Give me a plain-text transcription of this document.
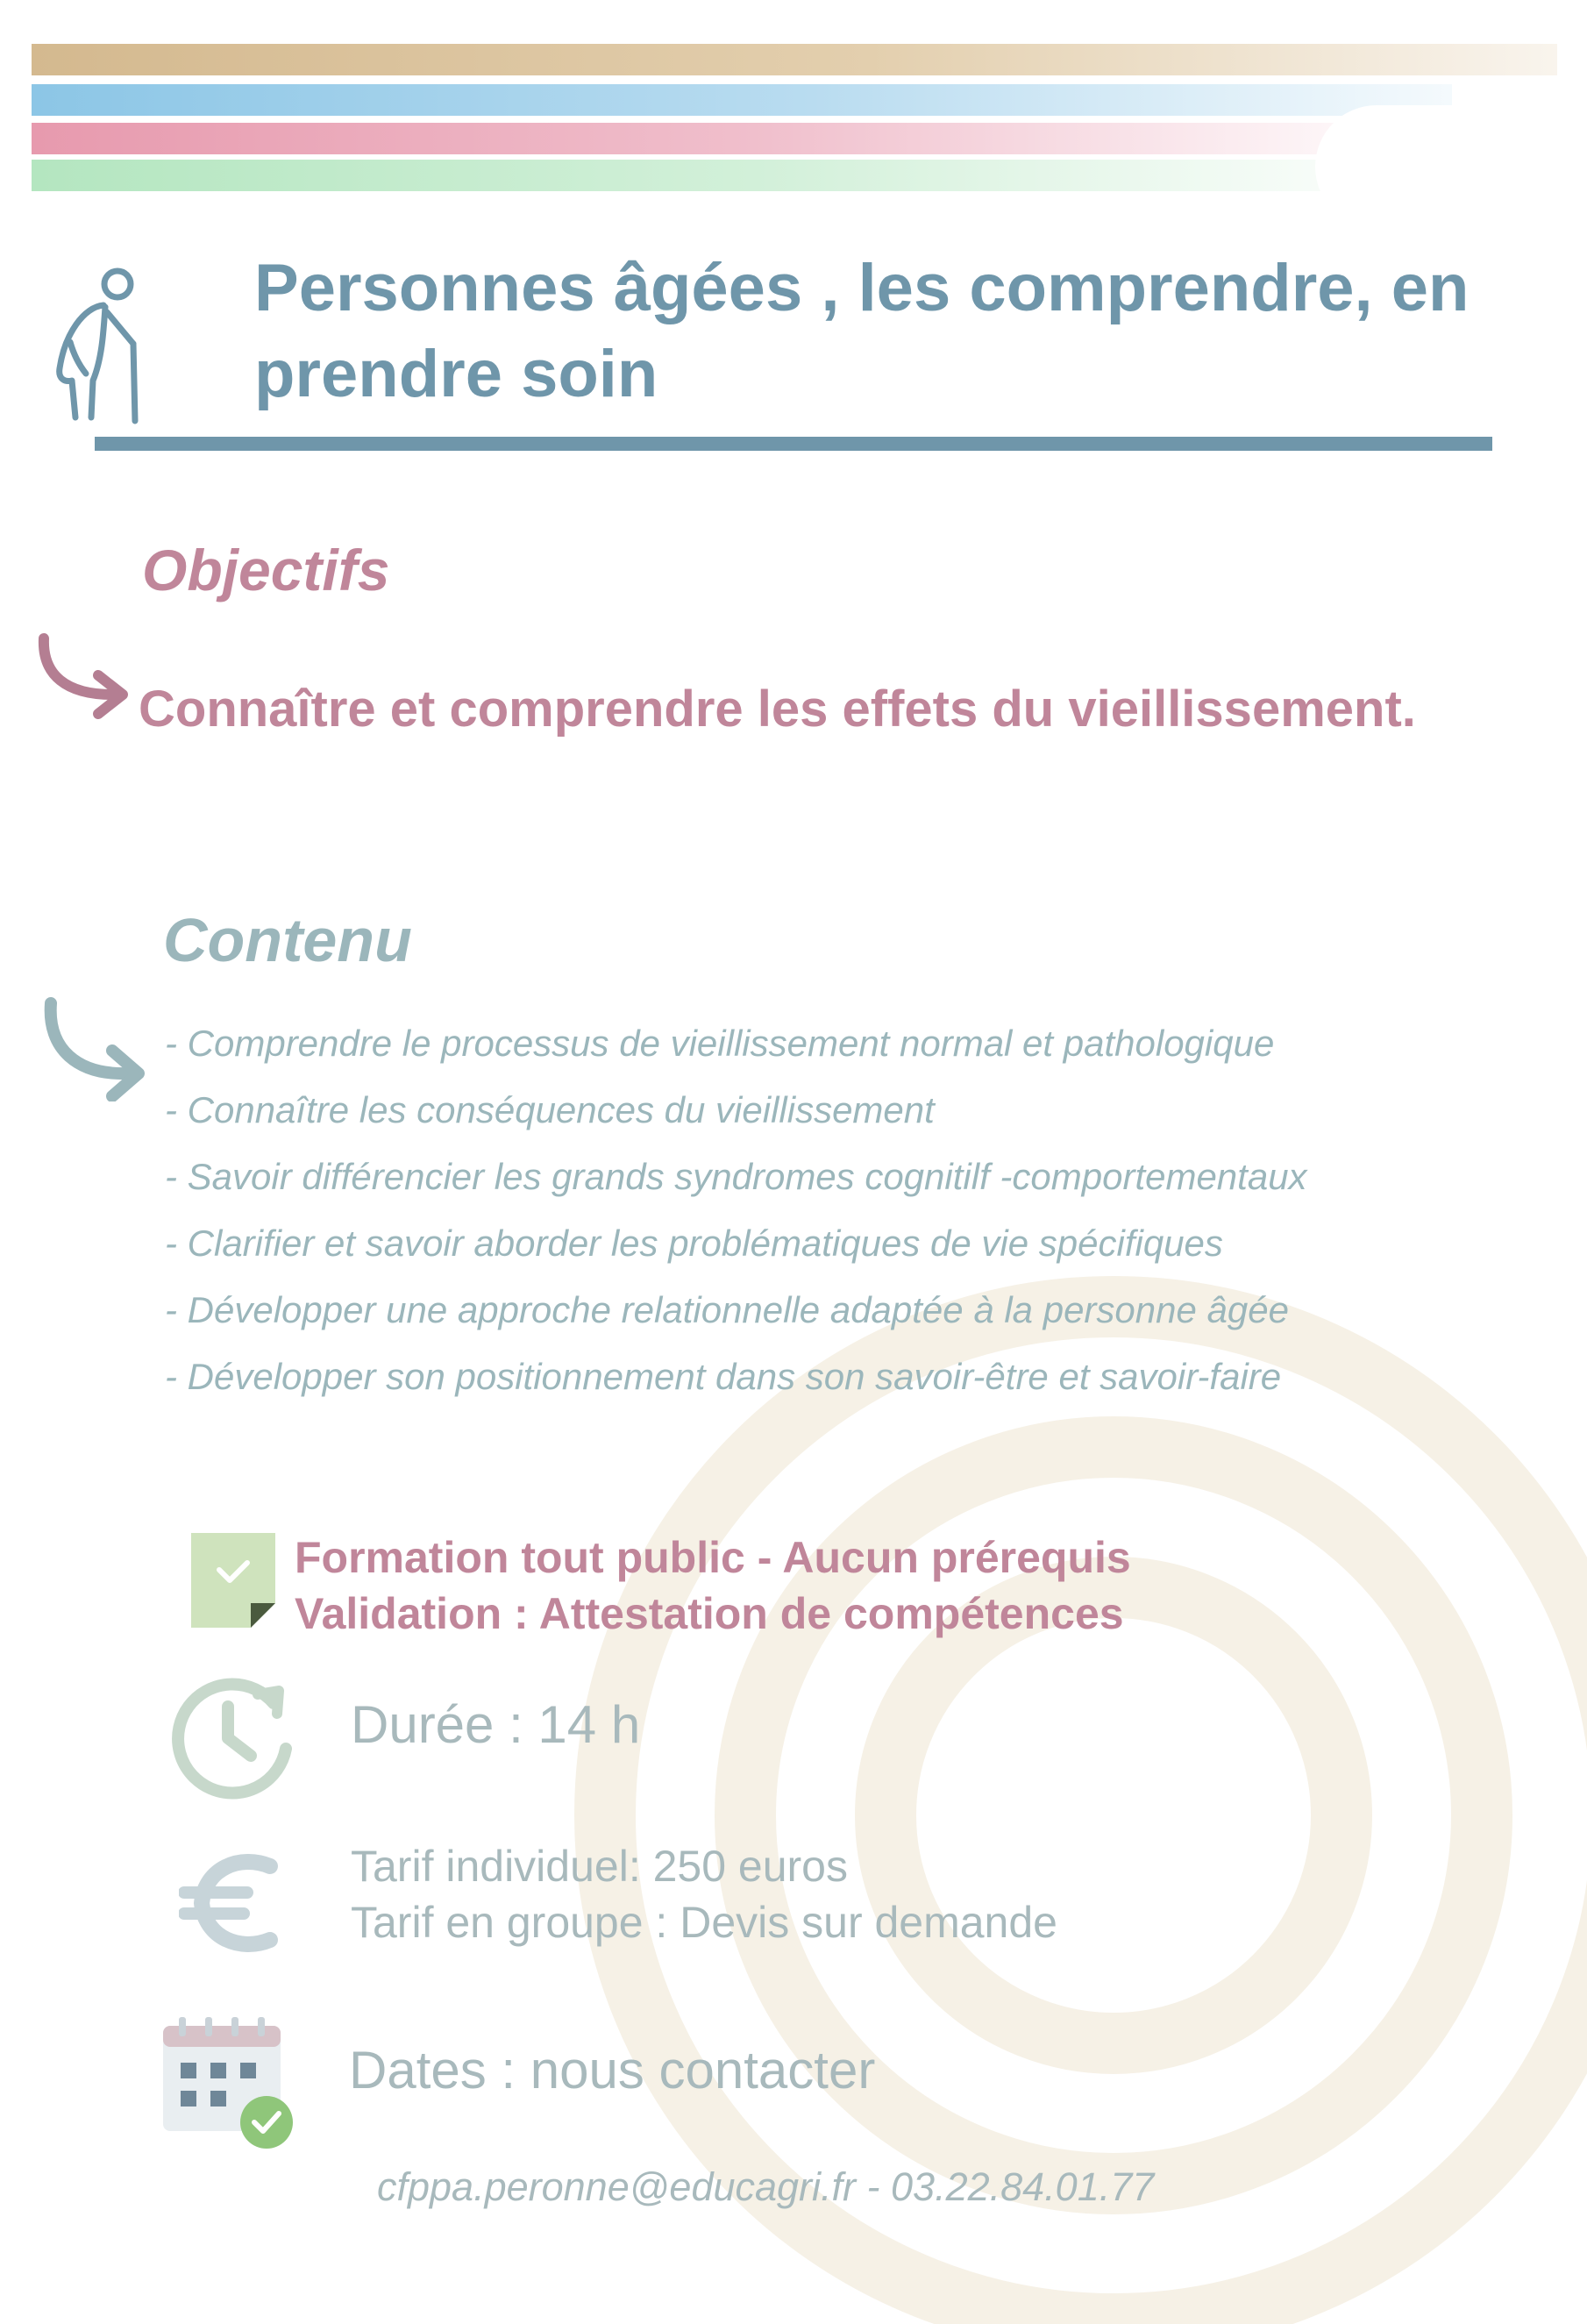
Personnes âgées , les comprendre, en
prendre soin
Objectifs
Connaître et comprendre les effets du vieillissement.
Contenu
- Comprendre le processus de vieillissement normal et pathologique
- Connaître les conséquences du vieillissement
- Savoir différencier les grands syndromes cognitilf -comportementaux
- Clarifier et savoir aborder les problématiques de vie spécifiques
- Développer une approche relationnelle adaptée à la personne âgée
- Développer son positionnement dans son savoir-être et savoir-faire
Formation tout public - Aucun prérequis
Validation : Attestation de compétences
Durée : 14 h
Tarif individuel: 250 euros
Tarif en groupe : Devis sur demande
Dates : nous contacter
cfppa.peronne@educagri.fr - 03.22.84.01.77
